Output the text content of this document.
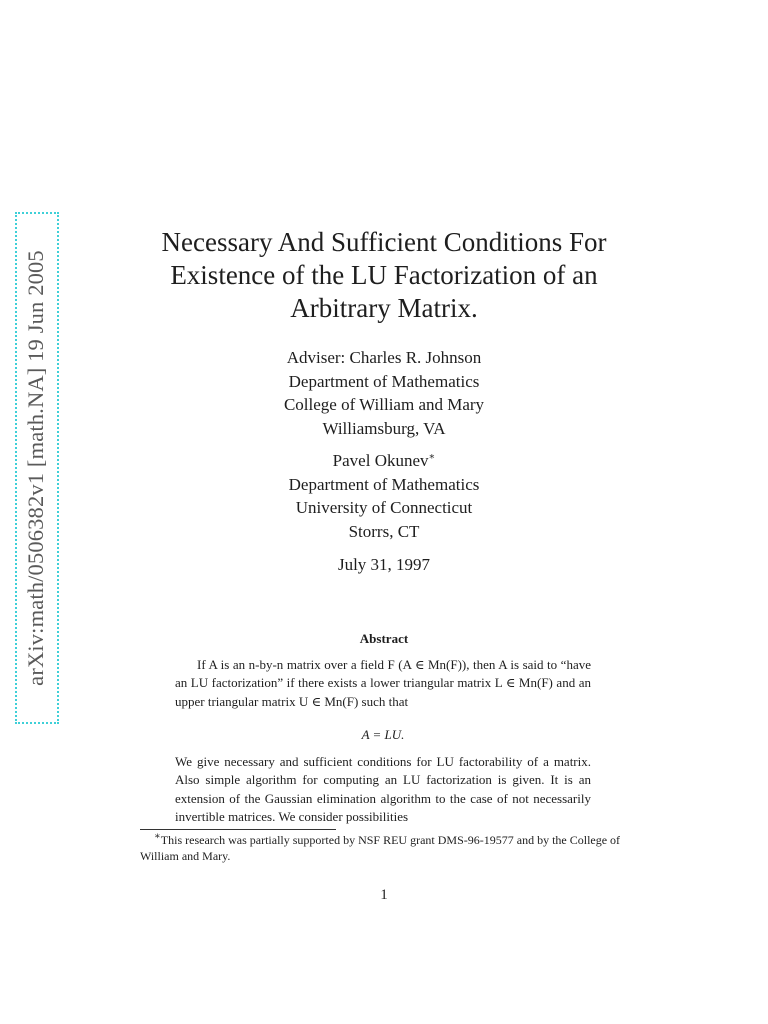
arXiv:math/0506382v1 [math.NA] 19 Jun 2005
Necessary And Sufficient Conditions For
Existence of the LU Factorization of an
Arbitrary Matrix.
Adviser: Charles R. Johnson
Department of Mathematics
College of William and Mary
Williamsburg, VA
Pavel Okunev∗
Department of Mathematics
University of Connecticut
Storrs, CT
July 31, 1997
Abstract

If A is an n-by-n matrix over a field F (A ∈ Mn(F)), then A is said to “have an LU factorization” if there exists a lower triangular matrix L ∈ Mn(F) and an upper triangular matrix U ∈ Mn(F) such that

A = LU.

We give necessary and sufficient conditions for LU factorability of a matrix. Also simple algorithm for computing an LU factorization is given. It is an extension of the Gaussian elimination algorithm to the case of not necessarily invertible matrices. We consider possibilities

∗This research was partially supported by NSF REU grant DMS-96-19577 and by the College of William and Mary.
1
